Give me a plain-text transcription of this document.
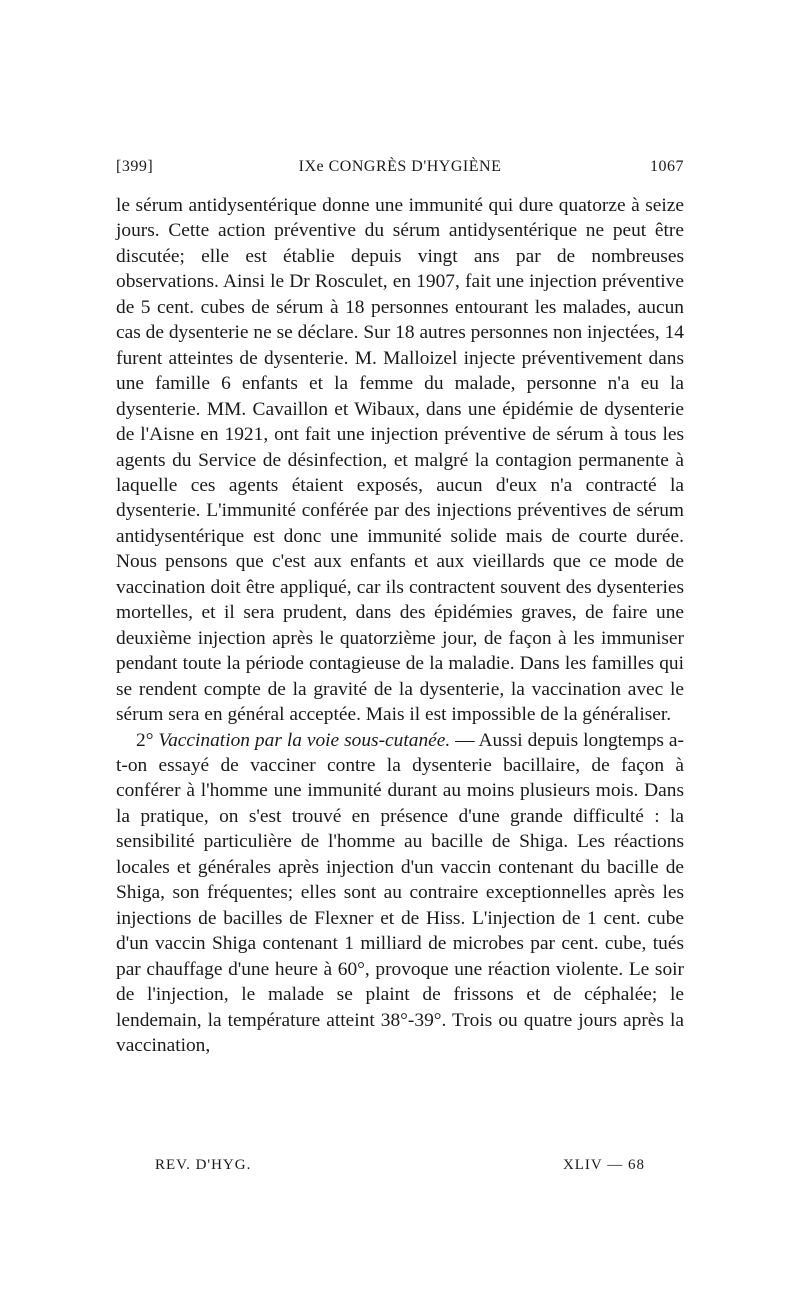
[399]	IXe CONGRÈS D'HYGIÈNE	1067

le sérum antidysentérique donne une immunité qui dure quatorze à seize jours. Cette action préventive du sérum antidysentérique ne peut être discutée; elle est établie depuis vingt ans par de nombreuses observations. Ainsi le Dr Rosculet, en 1907, fait une injection préventive de 5 cent. cubes de sérum à 18 personnes entourant les malades, aucun cas de dysenterie ne se déclare. Sur 18 autres personnes non injectées, 14 furent atteintes de dysenterie. M. Malloizel injecte préventivement dans une famille 6 enfants et la femme du malade, personne n'a eu la dysenterie. MM. Cavaillon et Wibaux, dans une épidémie de dysenterie de l'Aisne en 1921, ont fait une injection préventive de sérum à tous les agents du Service de désinfection, et malgré la contagion permanente à laquelle ces agents étaient exposés, aucun d'eux n'a contracté la dysenterie. L'immunité conférée par des injections préventives de sérum antidysentérique est donc une immunité solide mais de courte durée. Nous pensons que c'est aux enfants et aux vieillards que ce mode de vaccination doit être appliqué, car ils contractent souvent des dysenteries mortelles, et il sera prudent, dans des épidémies graves, de faire une deuxième injection après le quatorzième jour, de façon à les immuniser pendant toute la période contagieuse de la maladie. Dans les familles qui se rendent compte de la gravité de la dysenterie, la vaccination avec le sérum sera en général acceptée. Mais il est impossible de la généraliser.

2° Vaccination par la voie sous-cutanée. — Aussi depuis longtemps a-t-on essayé de vacciner contre la dysenterie bacillaire, de façon à conférer à l'homme une immunité durant au moins plusieurs mois. Dans la pratique, on s'est trouvé en présence d'une grande difficulté : la sensibilité particulière de l'homme au bacille de Shiga. Les réactions locales et générales après injection d'un vaccin contenant du bacille de Shiga, son fréquentes; elles sont au contraire exceptionnelles après les injections de bacilles de Flexner et de Hiss. L'injection de 1 cent. cube d'un vaccin Shiga contenant 1 milliard de microbes par cent. cube, tués par chauffage d'une heure à 60°, provoque une réaction violente. Le soir de l'injection, le malade se plaint de frissons et de céphalée; le lendemain, la température atteint 38°-39°. Trois ou quatre jours après la vaccination,

REV. D'HYG.	XLIV — 68
